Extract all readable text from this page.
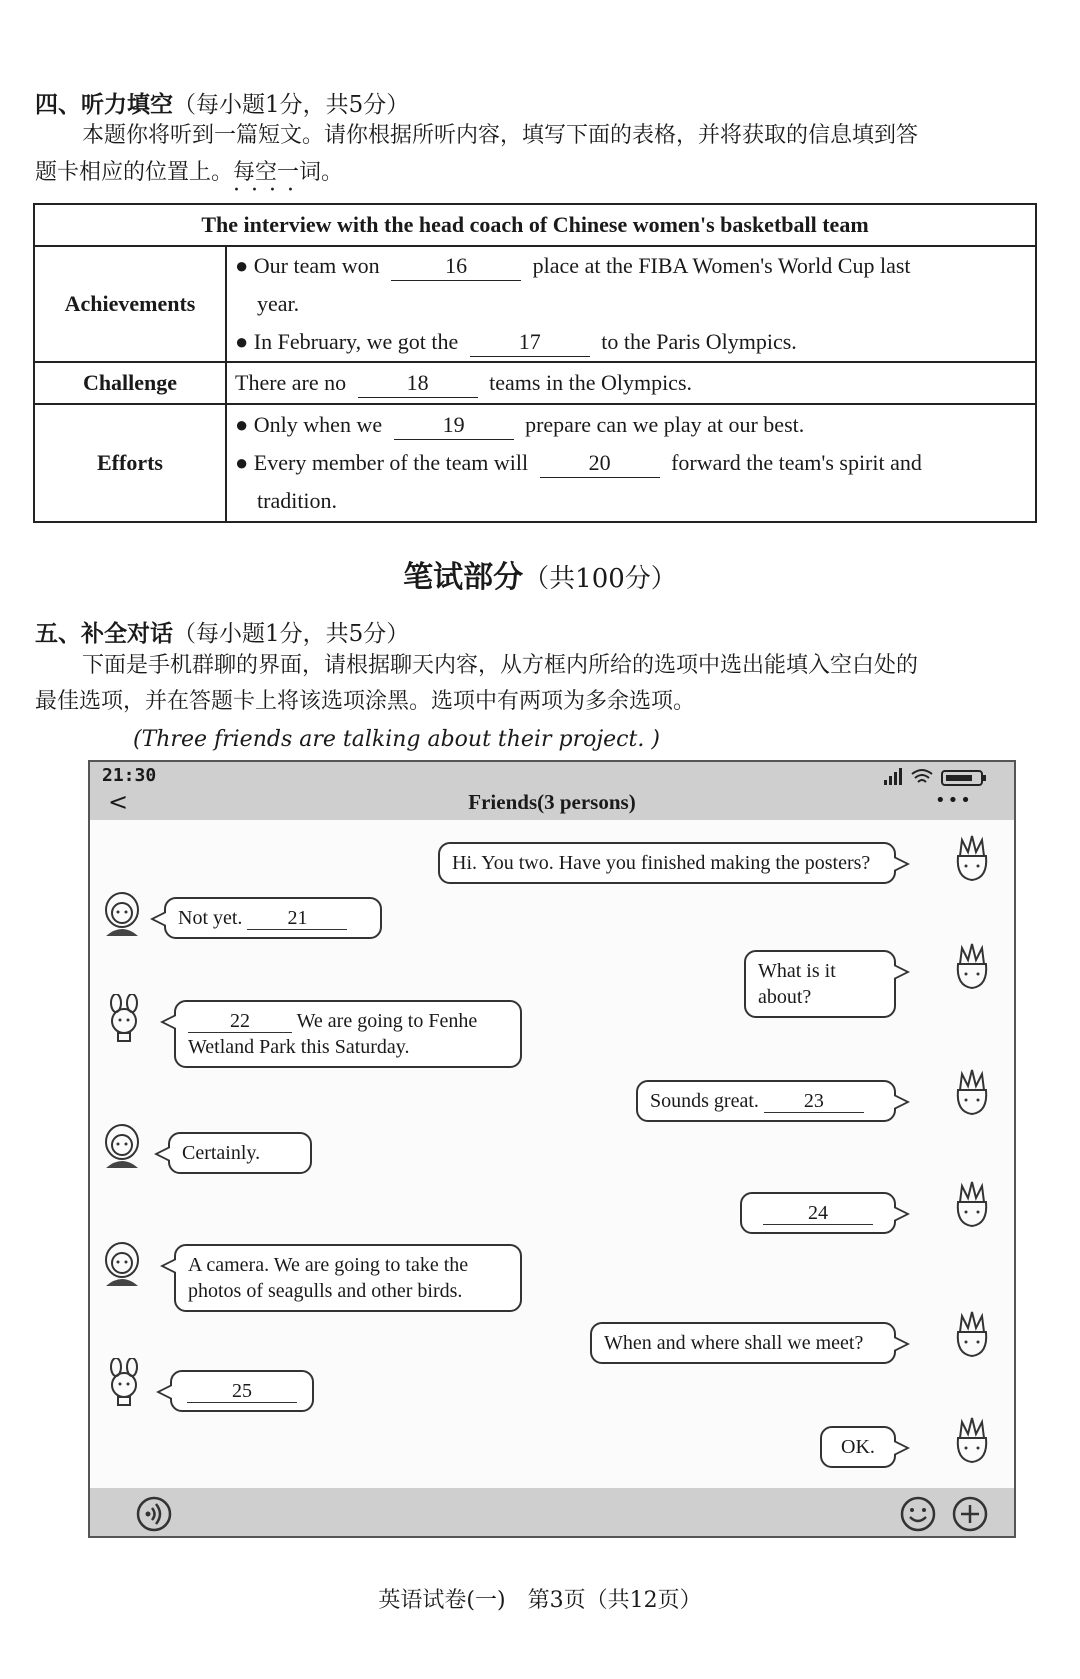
四、听力填空（每小题1分，共5分）
本题你将听到一篇短文。请你根据所听内容，填写下面的表格，并将获取的信息填到答
题卡相应的位置上。每空一词 · · · ·。
The interview with the head coach of Chinese women's basketball team	
Achievements	● Our team won 16 place at the FIBA Women's World Cup last
year.
● In February, we got the 17 to the Paris Olympics.

Challenge	There are no 18 teams in the Olympics.
Efforts	● Only when we 19 prepare can we play at our best.
● Every member of the team will 20 forward the team's spirit and
tradition.
笔试部分（共100分）
五、补全对话（每小题1分，共5分）
下面是手机群聊的界面，请根据聊天内容，从方框内所给的选项中选出能填入空白处的
最佳选项，并在答题卡上将该选项涂黑。选项中有两项为多余选项。
(Three friends are talking about their project. )
21:30
<	Friends(3 persons)	•••
Hi. You two. Have you finished making the posters?
Not yet. 21
What is it about?
22 We are going to Fenhe
Wetland Park this Saturday.
Sounds great. 23
Certainly.
24
A camera. We are going to take the
photos of seagulls and other birds.
When and where shall we meet?
25
OK.
英语试卷(一)　第3页（共12页）
